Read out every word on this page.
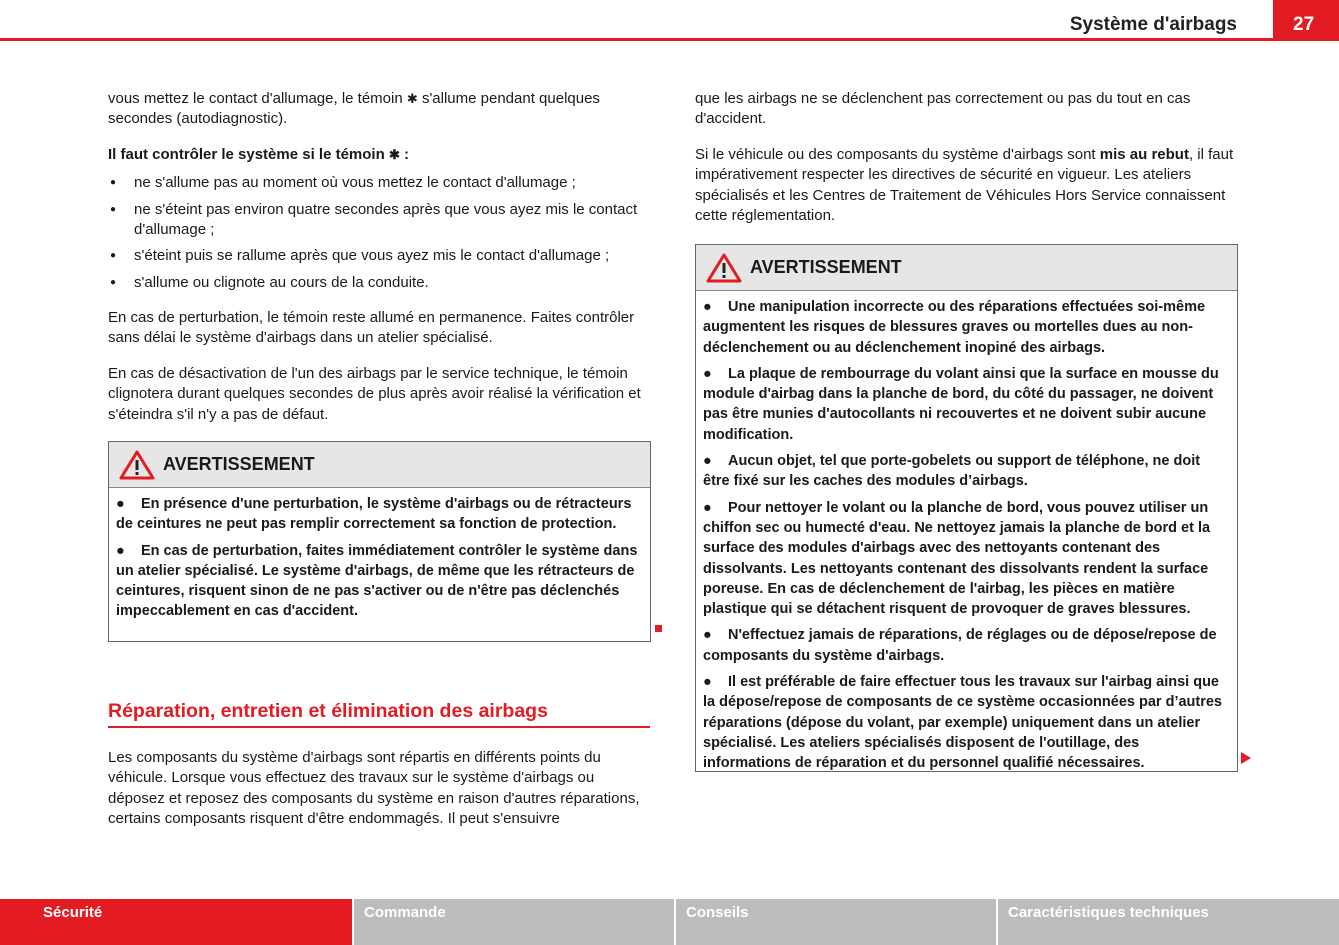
Système d'airbags	27

vous mettez le contact d'allumage, le témoin ✱ s'allume pendant quelques secondes (autodiagnostic).

Il faut contrôler le système si le témoin ✱ :

● ne s'allume pas au moment où vous mettez le contact d'allumage ;

● ne s'éteint pas environ quatre secondes après que vous ayez mis le contact d'allumage ;

● s'éteint puis se rallume après que vous ayez mis le contact d'allumage ;

● s'allume ou clignote au cours de la conduite.

En cas de perturbation, le témoin reste allumé en permanence. Faites contrôler sans délai le système d'airbags dans un atelier spécialisé.

En cas de désactivation de l'un des airbags par le service technique, le témoin clignotera durant quelques secondes de plus après avoir réalisé la vérification et s'éteindra s'il n'y a pas de défaut.

AVERTISSEMENT

● En présence d'une perturbation, le système d'airbags ou de rétracteurs de ceintures ne peut pas remplir correctement sa fonction de protection.

● En cas de perturbation, faites immédiatement contrôler le système dans un atelier spécialisé. Le système d'airbags, de même que les rétracteurs de ceintures, risquent sinon de ne pas s'activer ou de n'être pas déclenchés impeccablement en cas d'accident.

Réparation, entretien et élimination des airbags
Les composants du système d'airbags sont répartis en différents points du véhicule. Lorsque vous effectuez des travaux sur le système d'airbags ou déposez et reposez des composants du système en raison d'autres réparations, certains composants risquent d'être endommagés. Il peut s'ensuivre

que les airbags ne se déclenchent pas correctement ou pas du tout en cas d'accident.

Si le véhicule ou des composants du système d'airbags sont mis au rebut, il faut impérativement respecter les directives de sécurité en vigueur. Les ateliers spécialisés et les Centres de Traitement de Véhicules Hors Service connaissent cette réglementation.

AVERTISSEMENT

● Une manipulation incorrecte ou des réparations effectuées soi-même augmentent les risques de blessures graves ou mortelles dues au non-déclenchement ou au déclenchement inopiné des airbags.

● La plaque de rembourrage du volant ainsi que la surface en mousse du module d'airbag dans la planche de bord, du côté du passager, ne doivent pas être munies d'autocollants ni recouvertes et ne doivent subir aucune modification.

● Aucun objet, tel que porte-gobelets ou support de téléphone, ne doit être fixé sur les caches des modules d’airbags.

● Pour nettoyer le volant ou la planche de bord, vous pouvez utiliser un chiffon sec ou humecté d'eau. Ne nettoyez jamais la planche de bord et la surface des modules d'airbags avec des nettoyants contenant des dissolvants. Les nettoyants contenant des dissolvants rendent la surface poreuse. En cas de déclenchement de l'airbag, les pièces en matière plastique qui se détachent risquent de provoquer de graves blessures.

● N'effectuez jamais de réparations, de réglages ou de dépose/repose de composants du système d'airbags.

● Il est préférable de faire effectuer tous les travaux sur l'airbag ainsi que la dépose/repose de composants de ce système occasionnées par d’autres réparations (dépose du volant, par exemple) uniquement dans un atelier spécialisé. Les ateliers spécialisés disposent de l'outillage, des informations de réparation et du personnel qualifié nécessaires.

Sécurité	Commande	Conseils	Caractéristiques techniques
